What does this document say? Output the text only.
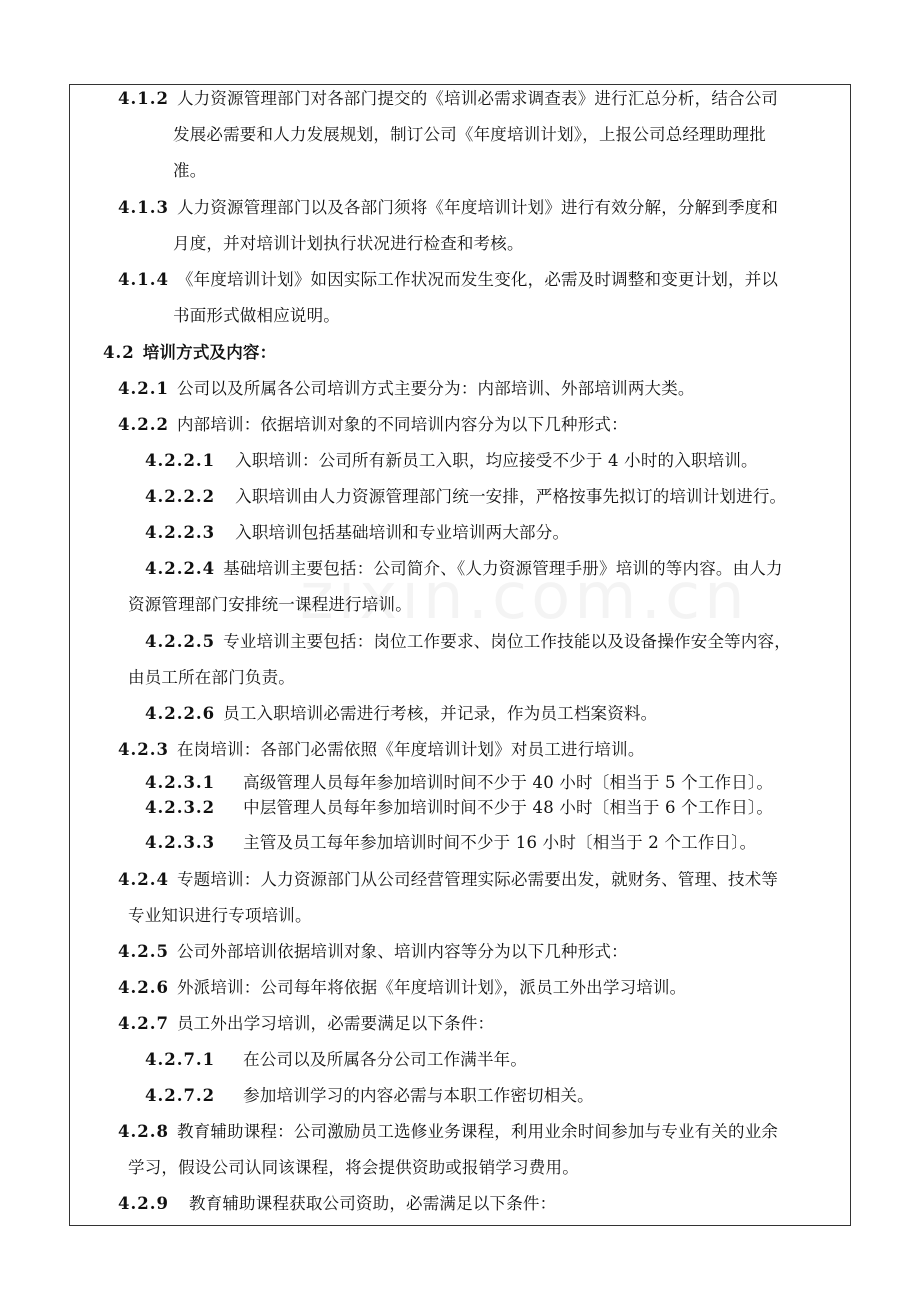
4.1.2 人力资源管理部门对各部门提交的《培训必需求调查表》进行汇总分析，结合公司
发展必需要和人力发展规划，制订公司《年度培训计划》，上报公司总经理助理批
准。
4.1.3 人力资源管理部门以及各部门须将《年度培训计划》进行有效分解，分解到季度和
月度，并对培训计划执行状况进行检查和考核。
4.1.4 《年度培训计划》如因实际工作状况而发生变化，必需及时调整和变更计划，并以
书面形式做相应说明。
4.2 培训方式及内容：
4.2.1 公司以及所属各公司培训方式主要分为：内部培训、外部培训两大类。
4.2.2 内部培训：依据培训对象的不同培训内容分为以下几种形式：
4.2.2.1 入职培训：公司所有新员工入职，均应接受不少于 4 小时的入职培训。
4.2.2.2 入职培训由人力资源管理部门统一安排，严格按事先拟订的培训计划进行。
4.2.2.3 入职培训包括基础培训和专业培训两大部分。
4.2.2.4 基础培训主要包括：公司简介、《人力资源管理手册》培训的等内容。由人力
资源管理部门安排统一课程进行培训。
4.2.2.5 专业培训主要包括：岗位工作要求、岗位工作技能以及设备操作安全等内容，
由员工所在部门负责。
4.2.2.6 员工入职培训必需进行考核，并记录，作为员工档案资料。
4.2.3 在岗培训：各部门必需依照《年度培训计划》对员工进行培训。
4.2.3.1 高级管理人员每年参加培训时间不少于 40 小时〔相当于 5 个工作日〕。
4.2.3.2 中层管理人员每年参加培训时间不少于 48 小时〔相当于 6 个工作日〕。
4.2.3.3 主管及员工每年参加培训时间不少于 16 小时〔相当于 2 个工作日〕。
4.2.4 专题培训：人力资源部门从公司经营管理实际必需要出发，就财务、管理、技术等
专业知识进行专项培训。
4.2.5 公司外部培训依据培训对象、培训内容等分为以下几种形式：
4.2.6 外派培训：公司每年将依据《年度培训计划》，派员工外出学习培训。
4.2.7 员工外出学习培训，必需要满足以下条件：
4.2.7.1 在公司以及所属各分公司工作满半年。
4.2.7.2 参加培训学习的内容必需与本职工作密切相关。
4.2.8 教育辅助课程：公司激励员工选修业务课程，利用业余时间参加与专业有关的业余
学习，假设公司认同该课程，将会提供资助或报销学习费用。
4.2.9 教育辅助课程获取公司资助，必需满足以下条件：
